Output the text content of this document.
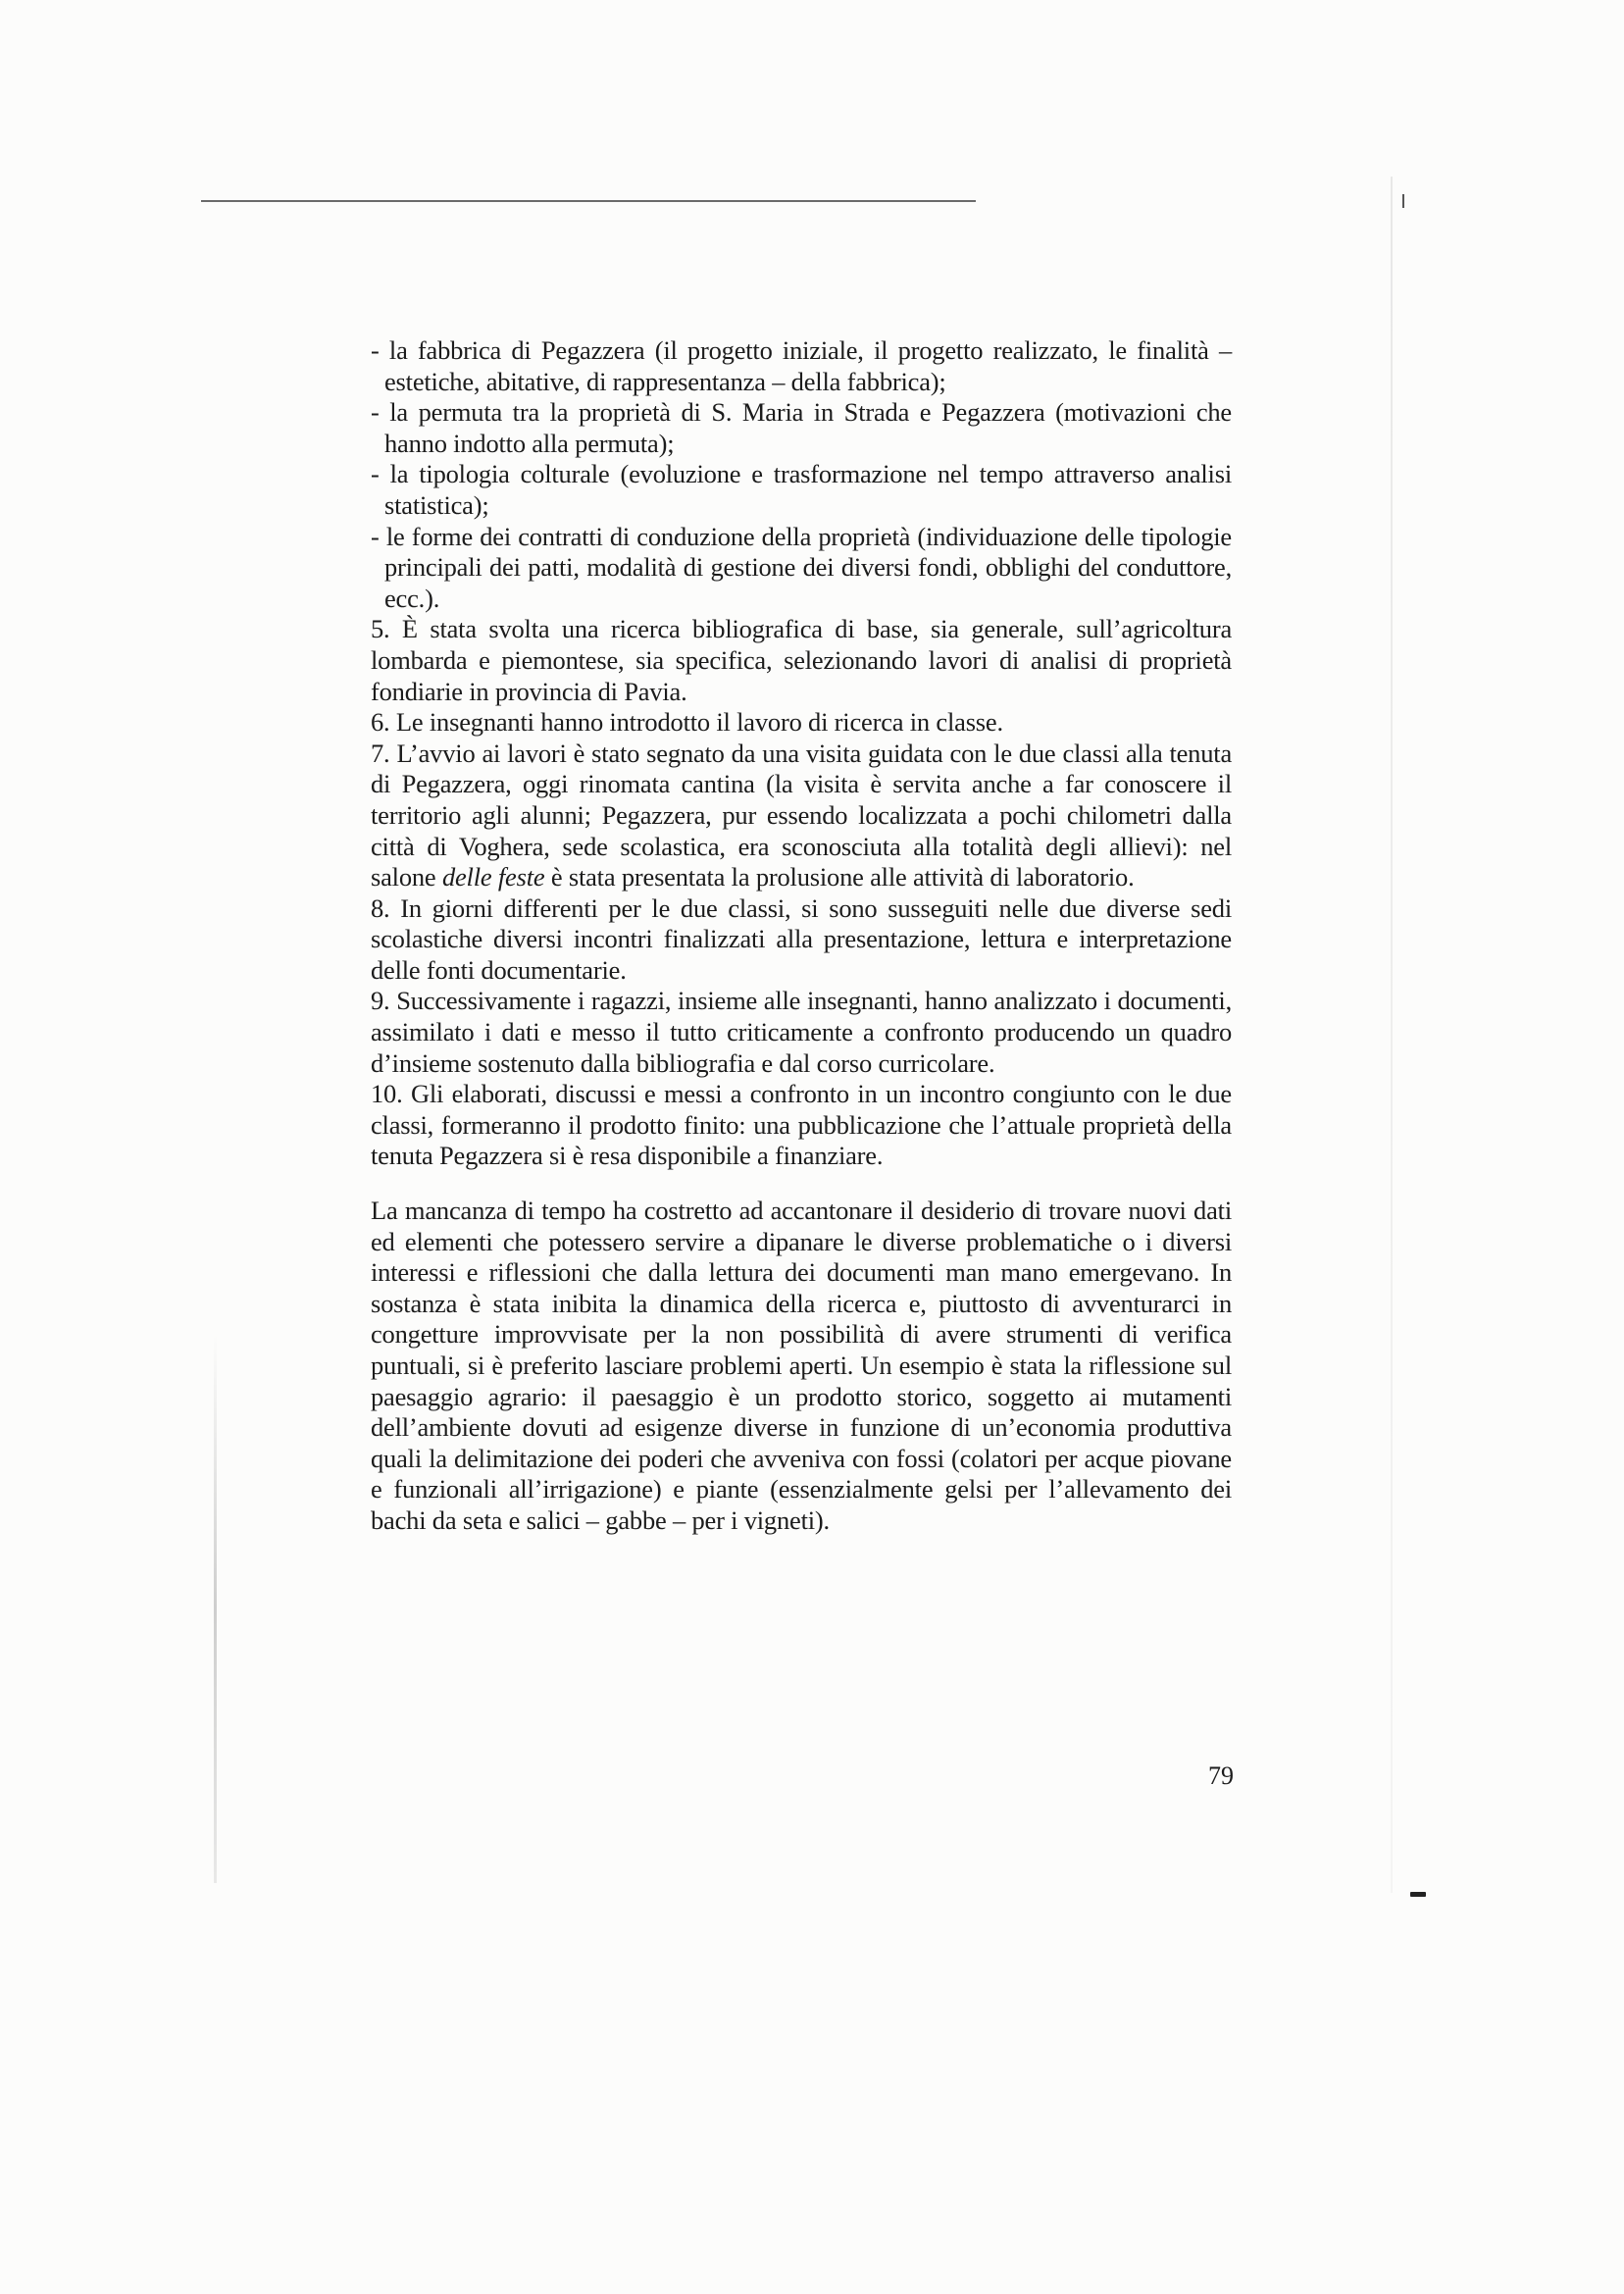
- la fabbrica di Pegazzera (il progetto iniziale, il progetto realizzato, le finalità – estetiche, abitative, di rappresentanza – della fabbrica);

- la permuta tra la proprietà di S. Maria in Strada e Pegazzera (motivazioni che hanno indotto alla permuta);

- la tipologia colturale (evoluzione e trasformazione nel tempo attraverso analisi statistica);

- le forme dei contratti di conduzione della proprietà (individuazione delle tipologie principali dei patti, modalità di gestione dei diversi fondi, obblighi del conduttore, ecc.).

5. È stata svolta una ricerca bibliografica di base, sia generale, sull’agricoltura lombarda e piemontese, sia specifica, selezionando lavori di analisi di proprietà fondiarie in provincia di Pavia.

6. Le insegnanti hanno introdotto il lavoro di ricerca in classe.

7. L’avvio ai lavori è stato segnato da una visita guidata con le due classi alla tenuta di Pegazzera, oggi rinomata cantina (la visita è servita anche a far conoscere il territorio agli alunni; Pegazzera, pur essendo localizzata a pochi chilometri dalla città di Voghera, sede scolastica, era sconosciuta alla totalità degli allievi): nel salone delle feste è stata presentata la prolusione alle attività di laboratorio.

8. In giorni differenti per le due classi, si sono susseguiti nelle due diverse sedi scolastiche diversi incontri finalizzati alla presentazione, lettura e interpretazione delle fonti documentarie.

9. Successivamente i ragazzi, insieme alle insegnanti, hanno analizzato i documenti, assimilato i dati e messo il tutto criticamente a confronto producendo un quadro d’insieme sostenuto dalla bibliografia e dal corso curricolare.

10. Gli elaborati, discussi e messi a confronto in un incontro congiunto con le due classi, formeranno il prodotto finito: una pubblicazione che l’attuale proprietà della tenuta Pegazzera si è resa disponibile a finanziare.

La mancanza di tempo ha costretto ad accantonare il desiderio di trovare nuovi dati ed elementi che potessero servire a dipanare le diverse problematiche o i diversi interessi e riflessioni che dalla lettura dei documenti man mano emergevano. In sostanza è stata inibita la dinamica della ricerca e, piuttosto di avventurarci in congetture improvvisate per la non possibilità di avere strumenti di verifica puntuali, si è preferito lasciare problemi aperti. Un esempio è stata la riflessione sul paesaggio agrario: il paesaggio è un prodotto storico, soggetto ai mutamenti dell’ambiente dovuti ad esigenze diverse in funzione di un’economia produttiva quali la delimitazione dei poderi che avveniva con fossi (colatori per acque piovane e funzionali all’irrigazione) e piante (essenzialmente gelsi per l’allevamento dei bachi da seta e salici – gabbe – per i vigneti).

79
